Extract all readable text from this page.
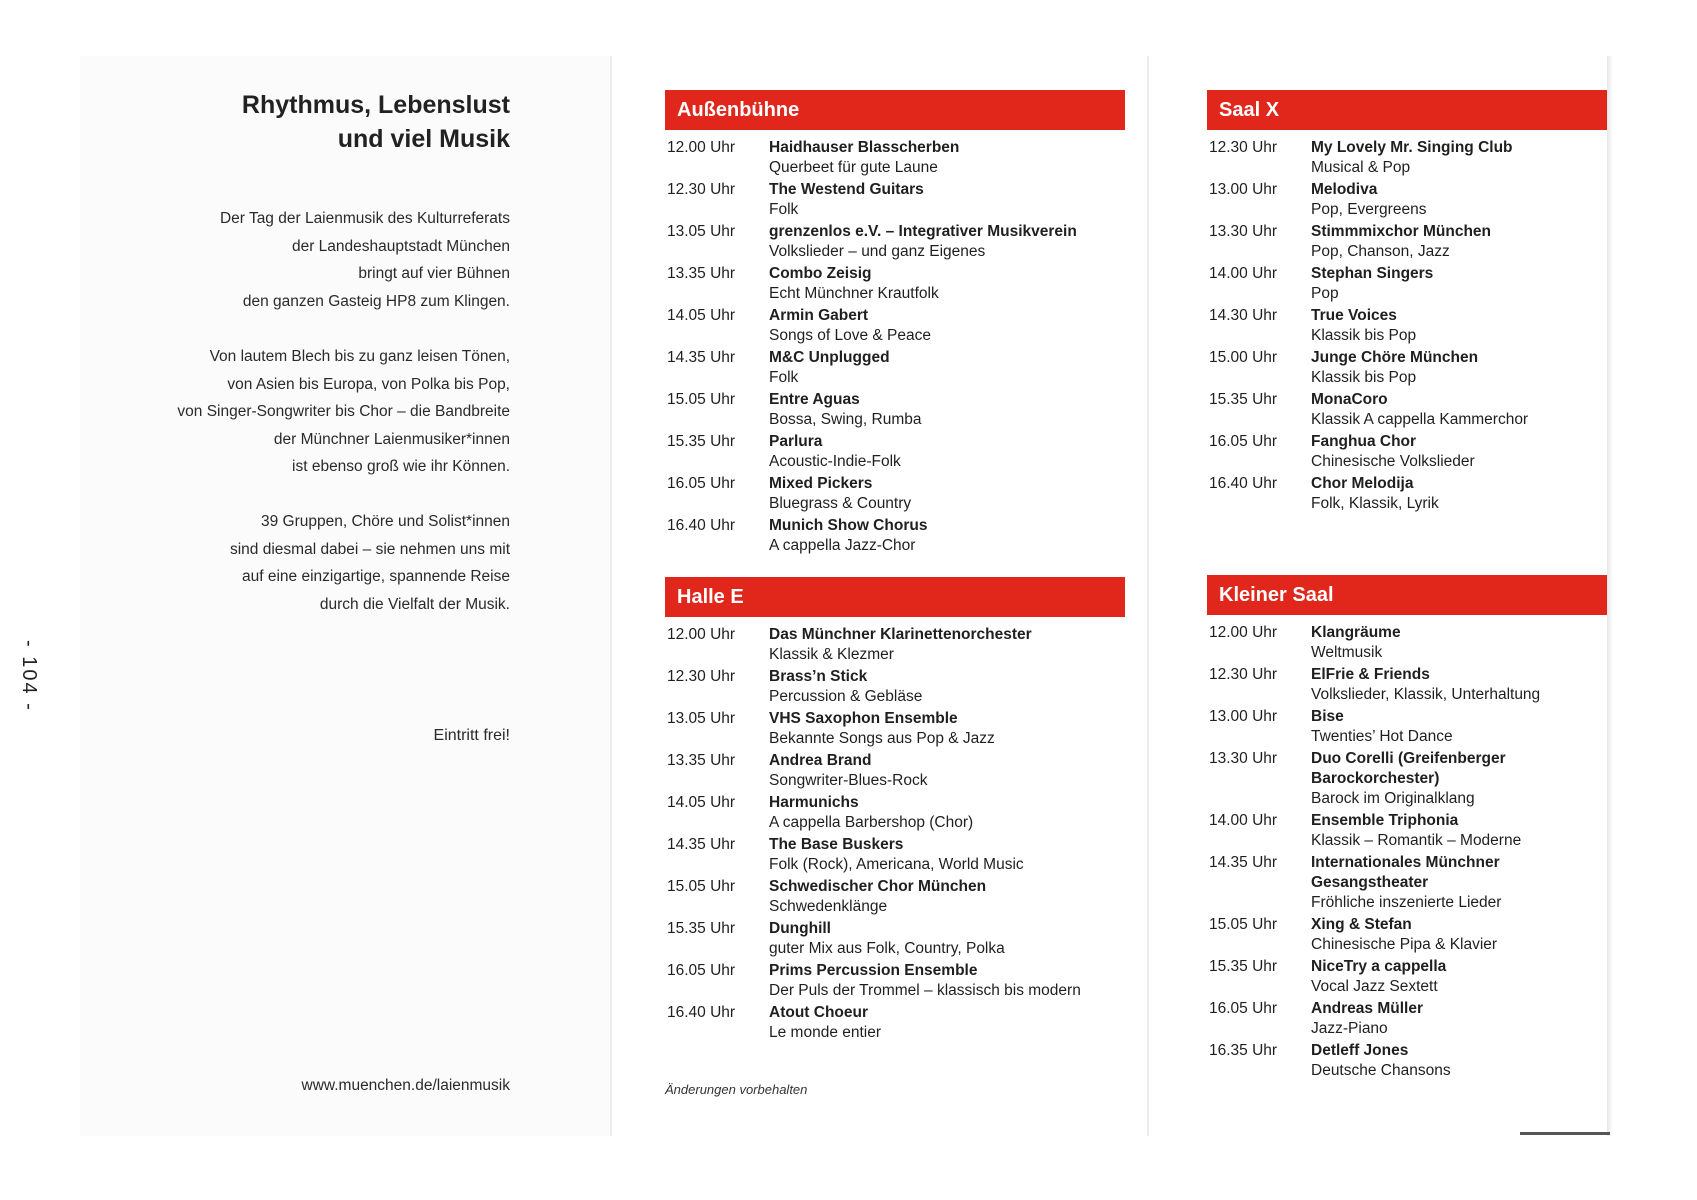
- 104 -
Rhythmus, Lebenslust
und viel Musik
Der Tag der Laienmusik des Kulturreferats
der Landeshauptstadt München
bringt auf vier Bühnen
den ganzen Gasteig HP8 zum Klingen.
Von lautem Blech bis zu ganz leisen Tönen,
von Asien bis Europa, von Polka bis Pop,
von Singer-Songwriter bis Chor – die Bandbreite
der Münchner Laienmusiker*innen
ist ebenso groß wie ihr Können.
39 Gruppen, Chöre und Solist*innen
sind diesmal dabei – sie nehmen uns mit
auf eine einzigartige, spannende Reise
durch die Vielfalt der Musik.
Eintritt frei!
www.muenchen.de/laienmusik
Außenbühne
12.00 Uhr	Haidhauser Blasscherben
Querbeet für gute Laune
12.30 Uhr	The Westend Guitars
Folk
13.05 Uhr	grenzenlos e.V. – Integrativer Musikverein
Volkslieder – und ganz Eigenes
13.35 Uhr	Combo Zeisig
Echt Münchner Krautfolk
14.05 Uhr	Armin Gabert
Songs of Love & Peace
14.35 Uhr	M&C Unplugged
Folk
15.05 Uhr	Entre Aguas
Bossa, Swing, Rumba
15.35 Uhr	Parlura
Acoustic-Indie-Folk
16.05 Uhr	Mixed Pickers
Bluegrass & Country
16.40 Uhr	Munich Show Chorus
A cappella Jazz-Chor
Halle E
12.00 Uhr	Das Münchner Klarinettenorchester
Klassik & Klezmer
12.30 Uhr	Brass’n Stick
Percussion & Gebläse
13.05 Uhr	VHS Saxophon Ensemble
Bekannte Songs aus Pop & Jazz
13.35 Uhr	Andrea Brand
Songwriter-Blues-Rock
14.05 Uhr	Harmunichs
A cappella Barbershop (Chor)
14.35 Uhr	The Base Buskers
Folk (Rock), Americana, World Music
15.05 Uhr	Schwedischer Chor München
Schwedenklänge
15.35 Uhr	Dunghill
guter Mix aus Folk, Country, Polka
16.05 Uhr	Prims Percussion Ensemble
Der Puls der Trommel – klassisch bis modern
16.40 Uhr	Atout Choeur
Le monde entier
Saal X
12.30 Uhr	My Lovely Mr. Singing Club
Musical & Pop
13.00 Uhr	Melodiva
Pop, Evergreens
13.30 Uhr	Stimmmixchor München
Pop, Chanson, Jazz
14.00 Uhr	Stephan Singers
Pop
14.30 Uhr	True Voices
Klassik bis Pop
15.00 Uhr	Junge Chöre München
Klassik bis Pop
15.35 Uhr	MonaCoro
Klassik A cappella Kammerchor
16.05 Uhr	Fanghua Chor
Chinesische Volkslieder
16.40 Uhr	Chor Melodija
Folk, Klassik, Lyrik
Kleiner Saal
12.00 Uhr	Klangräume
Weltmusik
12.30 Uhr	ElFrie & Friends
Volkslieder, Klassik, Unterhaltung
13.00 Uhr	Bise
Twenties’ Hot Dance
13.30 Uhr	Duo Corelli (Greifenberger Barockorchester)
Barock im Originalklang
14.00 Uhr	Ensemble Triphonia
Klassik – Romantik – Moderne
14.35 Uhr	Internationales Münchner Gesangstheater
Fröhliche inszenierte Lieder
15.05 Uhr	Xing & Stefan
Chinesische Pipa & Klavier
15.35 Uhr	NiceTry a cappella
Vocal Jazz Sextett
16.05 Uhr	Andreas Müller
Jazz-Piano
16.35 Uhr	Detleff Jones
Deutsche Chansons
Änderungen vorbehalten
